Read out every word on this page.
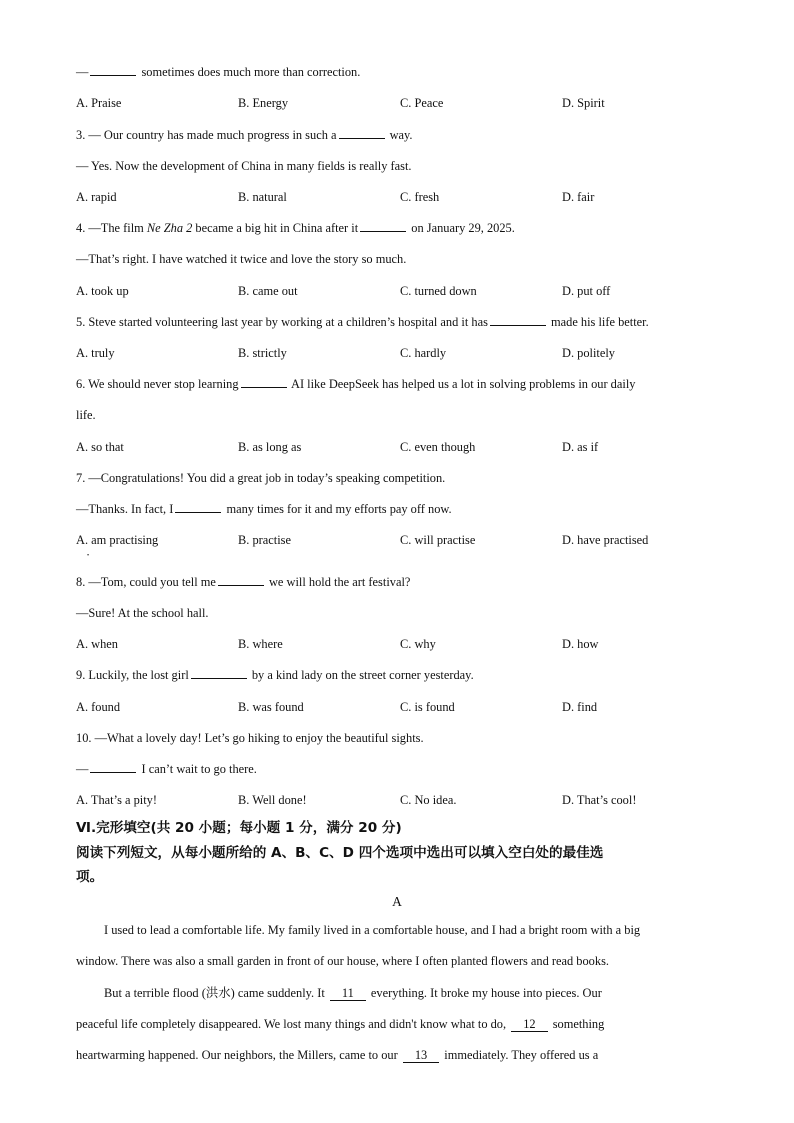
—	sometimes does much more than correction.
A. Praise	B. Energy	C. Peace	D. Spirit
3. — Our country has made much progress in such a	way.
— Yes. Now the development of China in many fields is really fast.
A. rapid	B. natural	C. fresh	D. fair
4. —The film Ne Zha 2 became a big hit in China after it	on January 29, 2025.
—That’s right. I have watched it twice and love the story so much.
A. took up	B. came out	C. turned down	D. put off
5. Steve started volunteering last year by working at a children’s hospital and it has	made his life better.
A. truly	B. strictly	C. hardly	D. politely
6. We should never stop learning	AI like DeepSeek has helped us a lot in solving problems in our daily
life.
A. so that	B. as long as	C. even though	D. as if
7. —Congratulations! You did a great job in today’s speaking competition.
—Thanks. In fact, I	many times for it and my efforts pay off now.
A. am practising	B. practise	C. will practise	D. have practised
•
8. —Tom, could you tell me	we will hold the art festival?
—Sure! At the school hall.
A. when	B. where	C. why	D. how
9. Luckily, the lost girl	by a kind lady on the street corner yesterday.
A. found	B. was found	C. is found	D. find
10. —What a lovely day! Let’s go hiking to enjoy the beautiful sights.
—	I can’t wait to go there.
A. That’s a pity!	B. Well done!	C. No idea.	D. That’s cool!
Ⅵ.完形填空(共 20 小题；每小题 1 分，满分 20 分)
阅读下列短文，从每小题所给的 A、B、C、D 四个选项中选出可以填入空白处的最佳选
项。
A
I used to lead a comfortable life. My family lived in a comfortable house, and I had a bright room with a big
window. There was also a small garden in front of our house, where I often planted flowers and read books.
But a terrible flood (洪水) came suddenly. It 11 everything. It broke my house into pieces. Our
peaceful life completely disappeared. We lost many things and didn't know what to do, 12 something
heartwarming happened. Our neighbors, the Millers, came to our 13 immediately. They offered us a
